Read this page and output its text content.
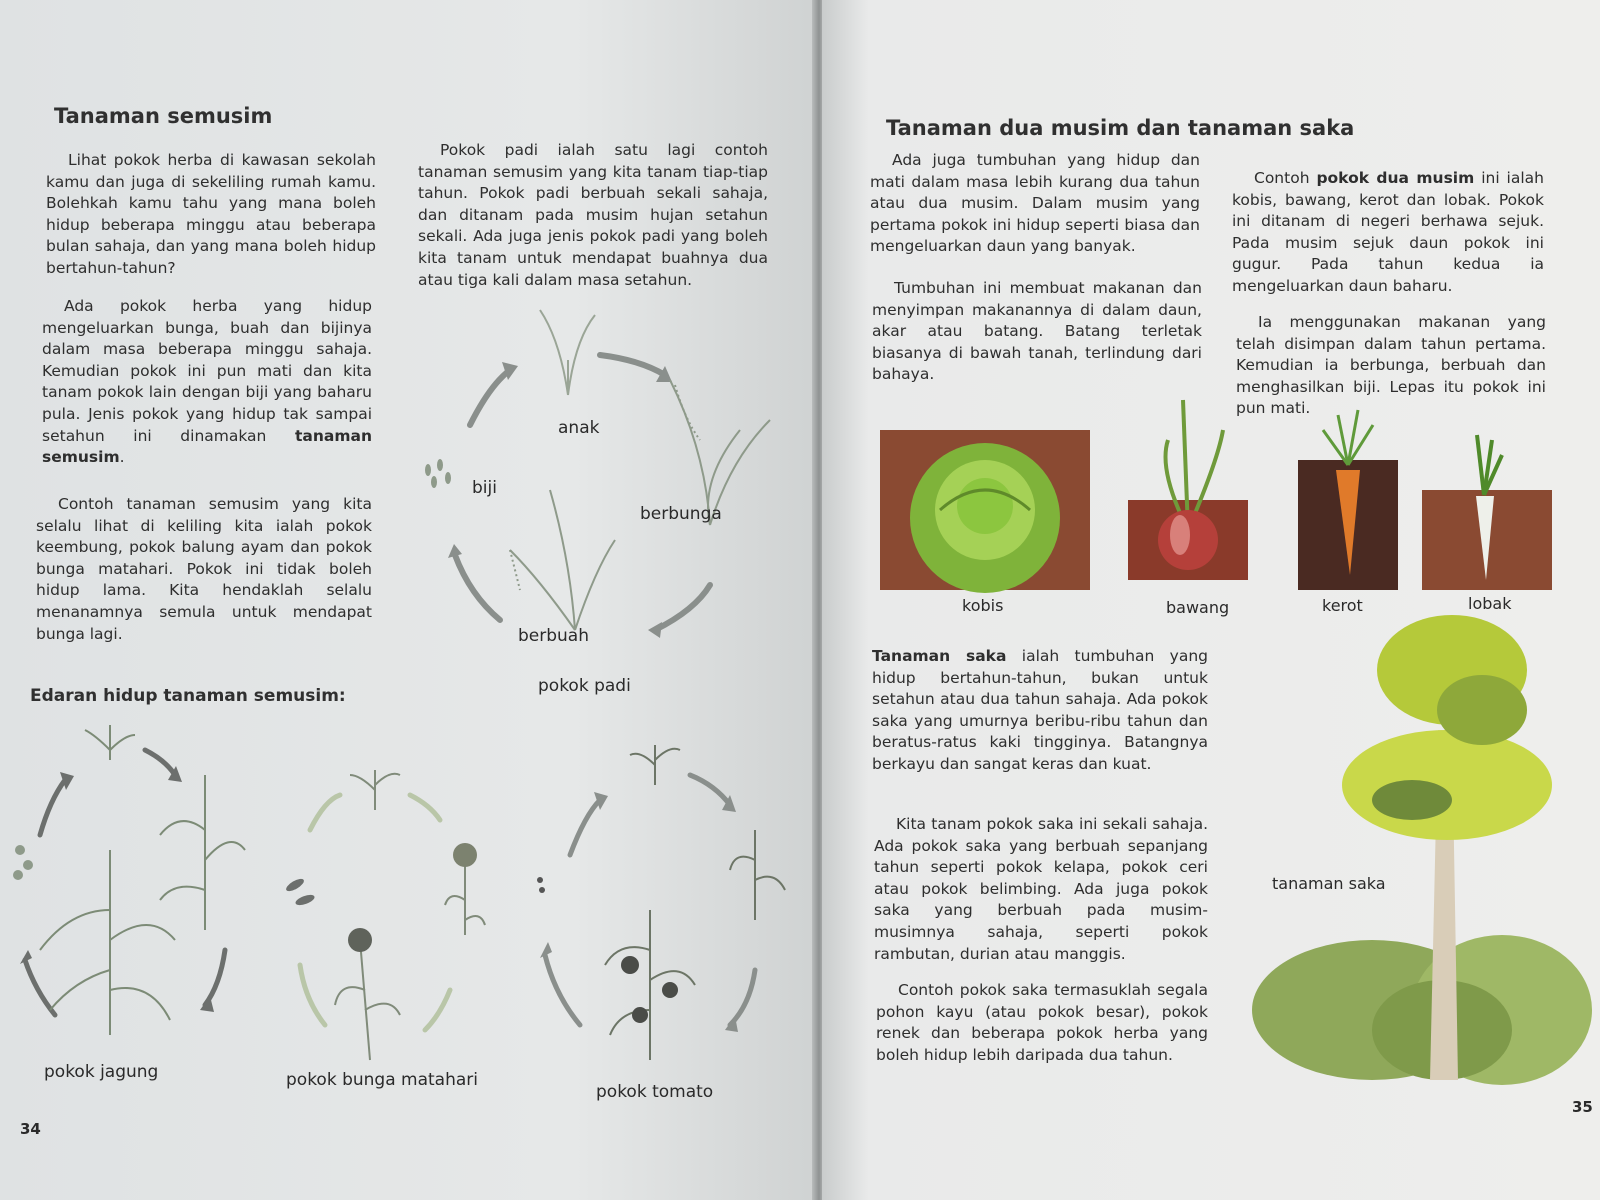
Tanaman semusim
Lihat pokok herba di kawasan sekolah kamu dan juga di sekeliling rumah kamu. Bolehkah kamu tahu yang mana boleh hidup beberapa minggu atau beberapa bulan sahaja, dan yang mana boleh hidup bertahun-tahun?
Ada pokok herba yang hidup mengeluarkan bunga, buah dan bijinya dalam masa beberapa minggu sahaja. Kemudian pokok ini pun mati dan kita tanam pokok lain dengan biji yang baharu pula. Jenis pokok yang hidup tak sampai setahun ini dinamakan tanaman semusim.
Contoh tanaman semusim yang kita selalu lihat di keliling kita ialah pokok keembung, pokok balung ayam dan pokok bunga matahari. Pokok ini tidak boleh hidup lama. Kita hendaklah selalu menanamnya semula untuk mendapat bunga lagi.
Pokok padi ialah satu lagi contoh tanaman semusim yang kita tanam tiap-tiap tahun. Pokok padi berbuah sekali sahaja, dan ditanam pada musim hujan setahun sekali. Ada juga jenis pokok padi yang boleh kita tanam untuk mendapat buahnya dua atau tiga kali dalam masa setahun.
anak
biji
berbunga
berbuah
pokok padi
Edaran hidup tanaman semusim:
pokok jagung	pokok bunga matahari
pokok tomato
34
Tanaman dua musim dan tanaman saka
Ada juga tumbuhan yang hidup dan mati dalam masa lebih kurang dua tahun atau dua musim. Dalam musim yang pertama pokok ini hidup seperti biasa dan mengeluarkan daun yang banyak.
Tumbuhan ini membuat makanan dan menyimpan makanannya di dalam daun, akar atau batang. Batang terletak biasanya di bawah tanah, terlindung dari bahaya.
Contoh pokok dua musim ini ialah kobis, bawang, kerot dan lobak. Pokok ini ditanam di negeri berhawa sejuk. Pada musim sejuk daun pokok ini gugur. Pada tahun kedua ia mengeluarkan daun baharu.
Ia menggunakan makanan yang telah disimpan dalam tahun pertama. Kemudian ia berbunga, berbuah dan menghasilkan biji. Lepas itu pokok ini pun mati.
kobis	bawang	kerot	lobak
Tanaman saka ialah tumbuhan yang hidup bertahun-tahun, bukan untuk setahun atau dua tahun sahaja. Ada pokok saka yang umurnya beribu-ribu tahun dan beratus-ratus kaki tingginya. Batangnya berkayu dan sangat keras dan kuat.
Kita tanam pokok saka ini sekali sahaja. Ada pokok saka yang berbuah sepanjang tahun seperti pokok kelapa, pokok ceri atau pokok belimbing. Ada juga pokok saka yang berbuah pada musim-musimnya sahaja, seperti pokok rambutan, durian atau manggis.
Contoh pokok saka termasuklah segala pohon kayu (atau pokok besar), pokok renek dan beberapa pokok herba yang boleh hidup lebih daripada dua tahun.
tanaman saka
35
